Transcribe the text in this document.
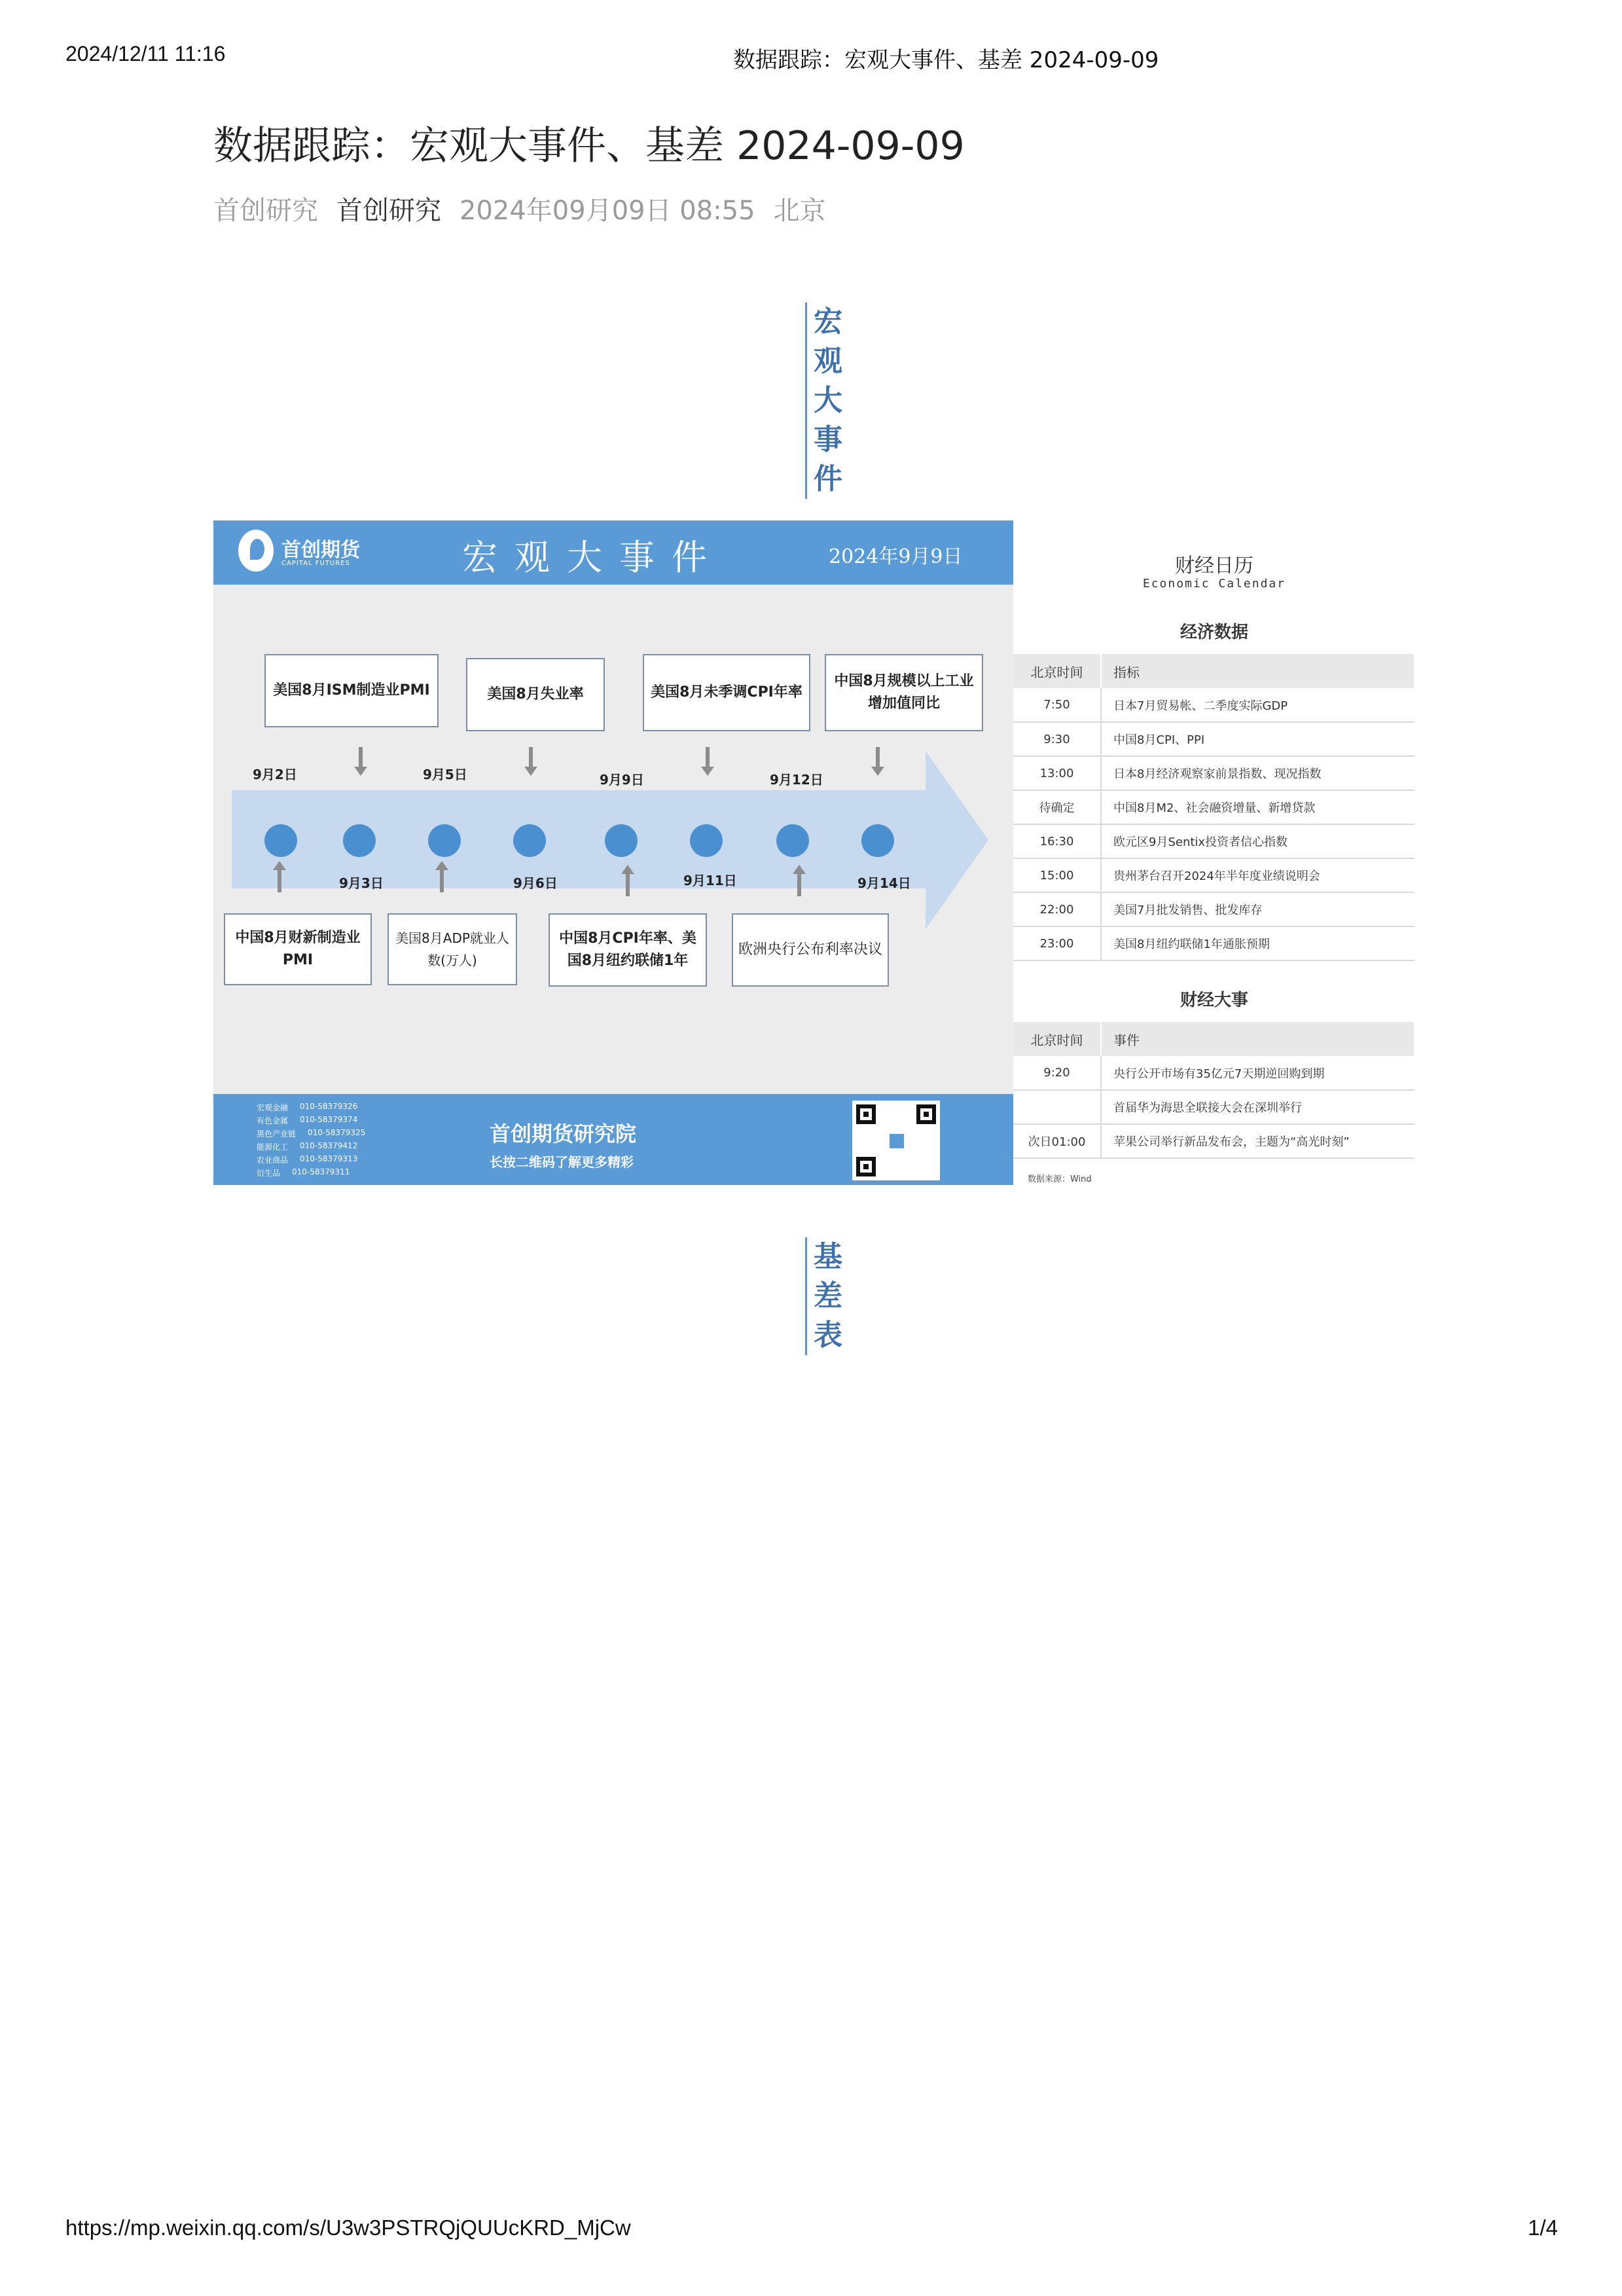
2024/12/11 11:16	数据跟踪：宏观大事件、基差 2024-09-09
https://mp.weixin.qq.com/s/U3w3PSTRQjQUUcKRD_MjCw	1/4
数据跟踪：宏观大事件、基差 2024-09-09
首创研究 首创研究 2024年09月09日 08:55 北京
宏
观
大
事
件
首创期货
CAPITAL FUTURES	宏观大事件	2024年9月9日
美国8月ISM制造业PMI	美国8月失业率	美国8月未季调CPI年率
中国8月规模以上工业增加值同比
9月2日	9月5日	9月9日	9月12日
9月3日	9月6日	9月11日	9月14日
中国8月财新制造业PMI
美国8月ADP就业人数(万人)
中国8月CPI年率、美国8月纽约联储1年
欧洲央行公布利率决议
宏观金融 010-58379326
有色金属 010-58379374
黑色产业链 010-58379325
能源化工 010-58379412
农业商品 010-58379313
衍生品 010-58379311
首创期货研究院
长按二维码了解更多精彩
财经日历
Economic Calendar
经济数据
北京时间	指标
7:50	日本7月贸易帐、二季度实际GDP
9:30	中国8月CPI、PPI
13:00	日本8月经济观察家前景指数、现况指数
待确定	中国8月M2、社会融资增量、新增贷款
16:30	欧元区9月Sentix投资者信心指数
15:00	贵州茅台召开2024年半年度业绩说明会
22:00	美国7月批发销售、批发库存
23:00	美国8月纽约联储1年通胀预期
财经大事
北京时间	事件
9:20	央行公开市场有35亿元7天期逆回购到期
	首届华为海思全联接大会在深圳举行
次日01:00	苹果公司举行新品发布会，主题为“高光时刻”
数据来源：Wind
基
差
表
